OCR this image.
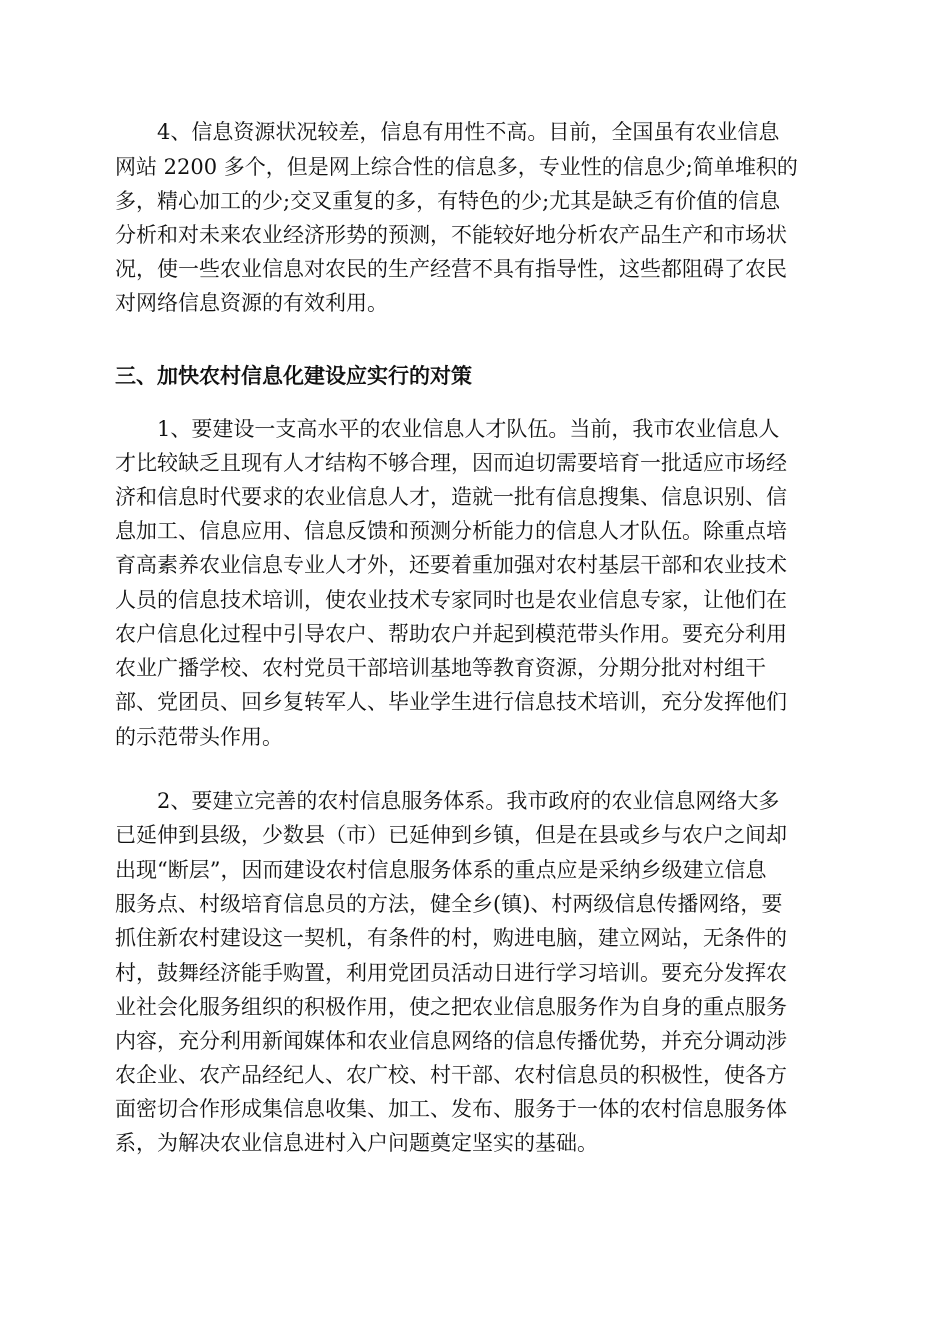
　　4、信息资源状况较差，信息有用性不高。目前，全国虽有农业信息
网站 2200 多个，但是网上综合性的信息多，专业性的信息少;简单堆积的
多，精心加工的少;交叉重复的多，有特色的少;尤其是缺乏有价值的信息
分析和对未来农业经济形势的预测，不能较好地分析农产品生产和市场状
况，使一些农业信息对农民的生产经营不具有指导性，这些都阻碍了农民
对网络信息资源的有效利用。
三、加快农村信息化建设应实行的对策
　　1、要建设一支高水平的农业信息人才队伍。当前，我市农业信息人
才比较缺乏且现有人才结构不够合理，因而迫切需要培育一批适应市场经
济和信息时代要求的农业信息人才，造就一批有信息搜集、信息识别、信
息加工、信息应用、信息反馈和预测分析能力的信息人才队伍。除重点培
育高素养农业信息专业人才外，还要着重加强对农村基层干部和农业技术
人员的信息技术培训，使农业技术专家同时也是农业信息专家，让他们在
农户信息化过程中引导农户、帮助农户并起到模范带头作用。要充分利用
农业广播学校、农村党员干部培训基地等教育资源，分期分批对村组干
部、党团员、回乡复转军人、毕业学生进行信息技术培训，充分发挥他们
的示范带头作用。
　　2、要建立完善的农村信息服务体系。我市政府的农业信息网络大多
已延伸到县级，少数县（市）已延伸到乡镇，但是在县或乡与农户之间却
出现“断层”，因而建设农村信息服务体系的重点应是采纳乡级建立信息
服务点、村级培育信息员的方法，健全乡(镇)、村两级信息传播网络，要
抓住新农村建设这一契机，有条件的村，购进电脑，建立网站，无条件的
村，鼓舞经济能手购置，利用党团员活动日进行学习培训。要充分发挥农
业社会化服务组织的积极作用，使之把农业信息服务作为自身的重点服务
内容，充分利用新闻媒体和农业信息网络的信息传播优势，并充分调动涉
农企业、农产品经纪人、农广校、村干部、农村信息员的积极性，使各方
面密切合作形成集信息收集、加工、发布、服务于一体的农村信息服务体
系，为解决农业信息进村入户问题奠定坚实的基础。
